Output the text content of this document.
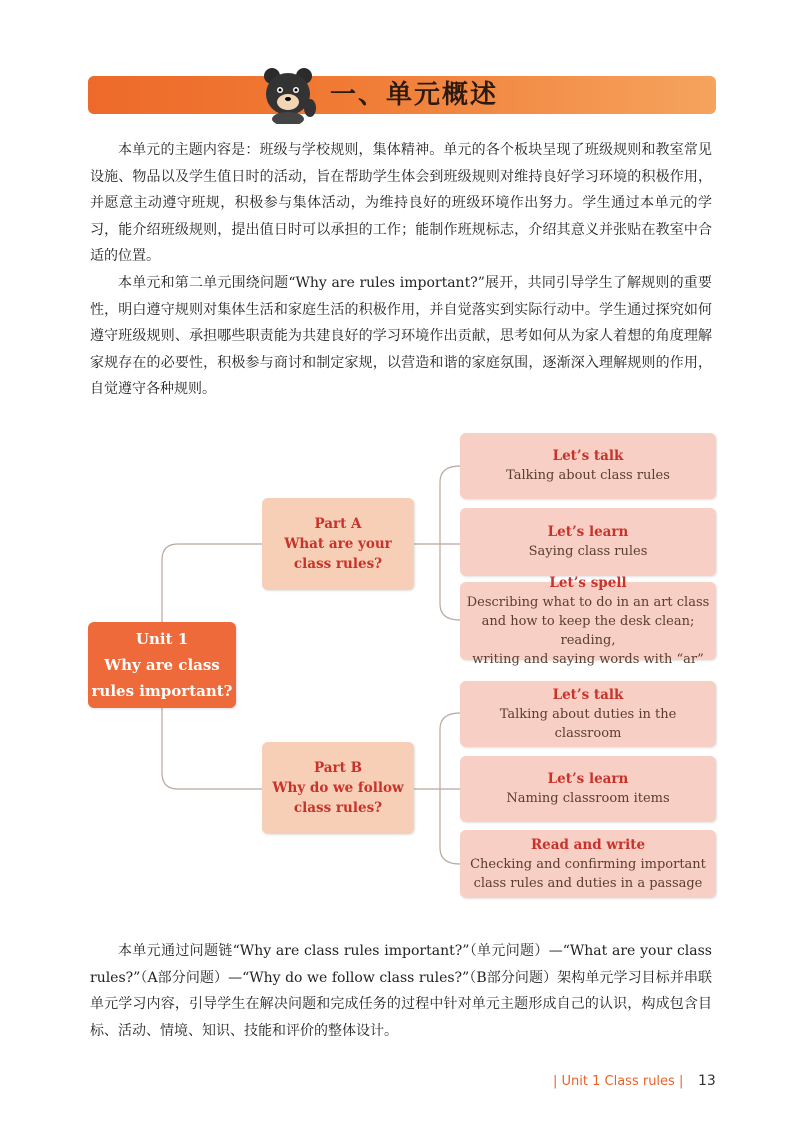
一、单元概述

本单元的主题内容是：班级与学校规则，集体精神。单元的各个板块呈现了班级规则和教室常见设施、物品以及学生值日时的活动，旨在帮助学生体会到班级规则对维持良好学习环境的积极作用，并愿意主动遵守班规，积极参与集体活动，为维持良好的班级环境作出努力。学生通过本单元的学习，能介绍班级规则，提出值日时可以承担的工作；能制作班规标志，介绍其意义并张贴在教室中合适的位置。

本单元和第二单元围绕问题“Why are rules important?”展开，共同引导学生了解规则的重要性，明白遵守规则对集体生活和家庭生活的积极作用，并自觉落实到实际行动中。学生通过探究如何遵守班级规则、承担哪些职责能为共建良好的学习环境作出贡献，思考如何从为家人着想的角度理解家规存在的必要性，积极参与商讨和制定家规，以营造和谐的家庭氛围，逐渐深入理解规则的作用，自觉遵守各种规则。

Unit 1
Why are class
rules important?
Part A
What are your
class rules?
Part B
Why do we follow
class rules?
Let’s talk
Talking about class rules
Let’s learn
Saying class rules
Let’s spell
Describing what to do in an art class
and how to keep the desk clean; reading,
writing and saying words with “ar”
Let’s talk
Talking about duties in the
classroom
Let’s learn
Naming classroom items
Read and write
Checking and confirming important
class rules and duties in a passage

本单元通过问题链“Why are class rules important?”（单元问题）—“What are your class rules?”（A部分问题）—“Why do we follow class rules?”（B部分问题）架构单元学习目标并串联单元学习内容，引导学生在解决问题和完成任务的过程中针对单元主题形成自己的认识，构成包含目标、活动、情境、知识、技能和评价的整体设计。

| Unit 1 Class rules | 13
